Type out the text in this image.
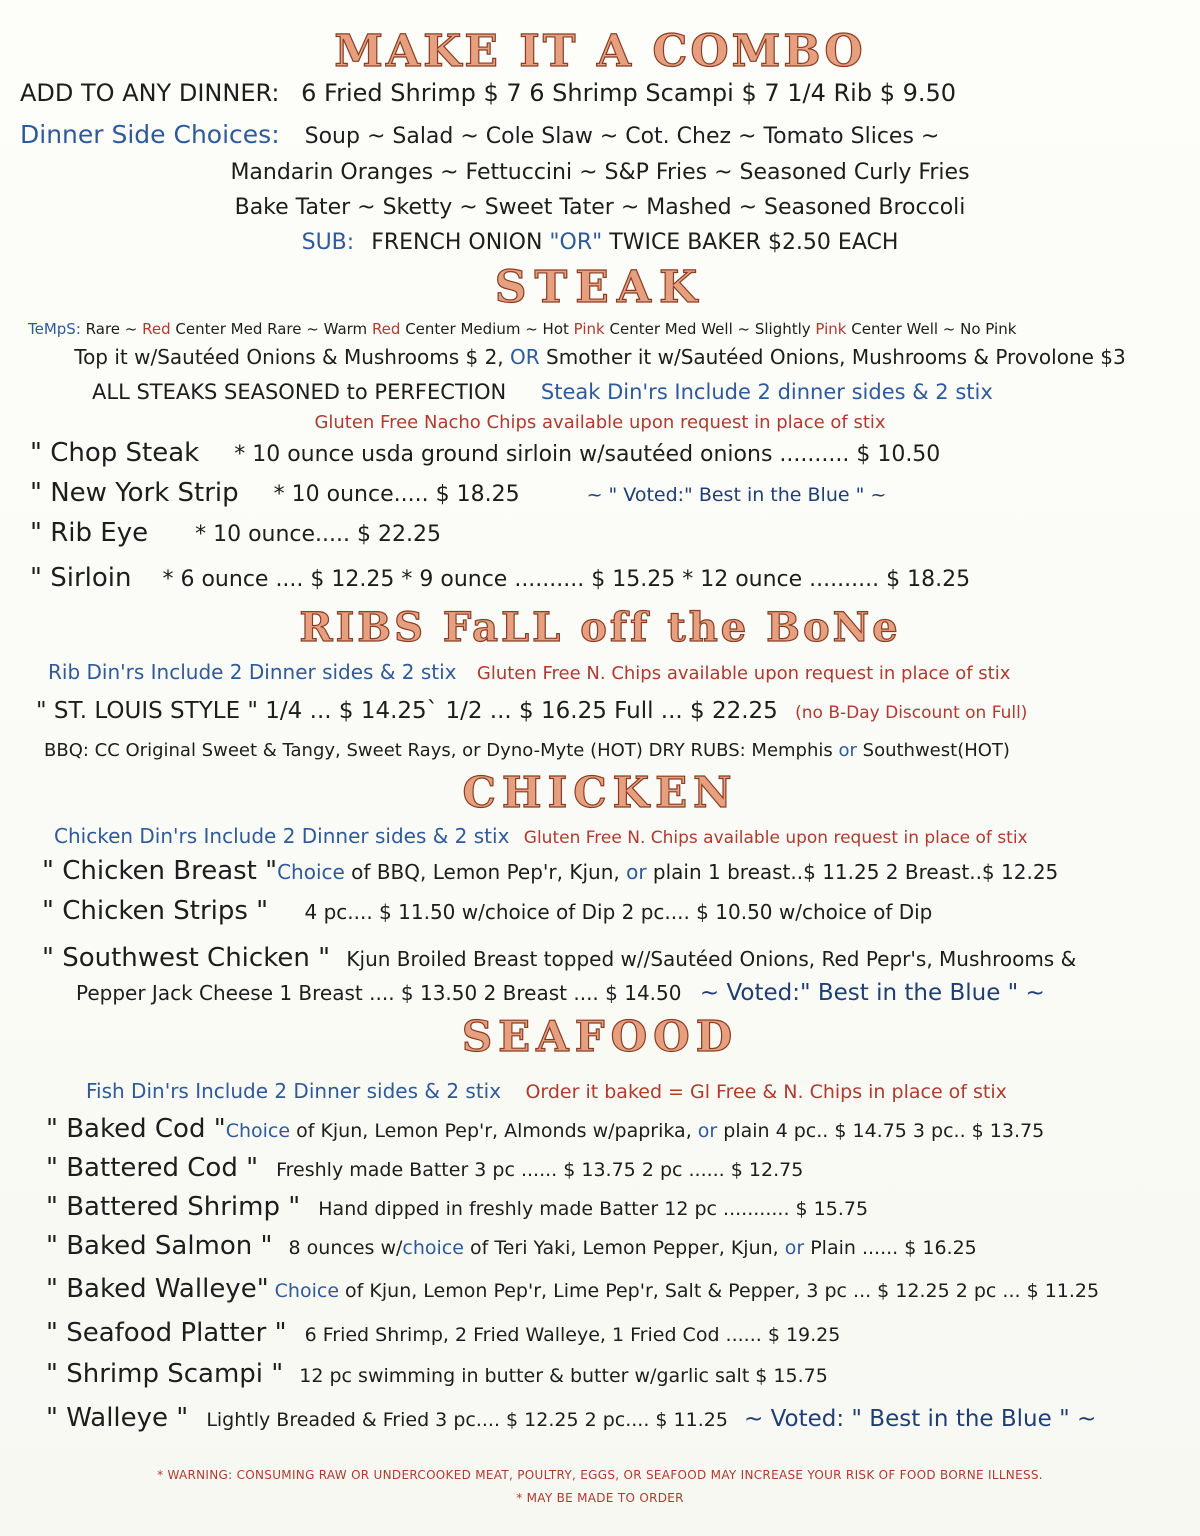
MAKE IT A COMBO
ADD TO ANY DINNER: 6 Fried Shrimp $ 7 6 Shrimp Scampi $ 7 1/4 Rib $ 9.50
Dinner Side Choices: Soup ~ Salad ~ Cole Slaw ~ Cot. Chez ~ Tomato Slices ~
Mandarin Oranges ~ Fettuccini ~ S&P Fries ~ Seasoned Curly Fries
Bake Tater ~ Sketty ~ Sweet Tater ~ Mashed ~ Seasoned Broccoli
SUB: FRENCH ONION "OR" TWICE BAKER $2.50 EACH
STEAK
TeMpS: Rare ~ Red Center Med Rare ~ Warm Red Center Medium ~ Hot Pink Center Med Well ~ Slightly Pink Center Well ~ No Pink
Top it w/Sautéed Onions & Mushrooms $ 2, OR Smother it w/Sautéed Onions, Mushrooms & Provolone $3
ALL STEAKS SEASONED to PERFECTION Steak Din'rs Include 2 dinner sides & 2 stix
Gluten Free Nacho Chips available upon request in place of stix
" Chop Steak * 10 ounce usda ground sirloin w/sautéed onions .......... $ 10.50
" New York Strip * 10 ounce..... $ 18.25	~ " Voted:" Best in the Blue " ~
" Rib Eye * 10 ounce..... $ 22.25
" Sirloin * 6 ounce .... $ 12.25 * 9 ounce .......... $ 15.25 * 12 ounce .......... $ 18.25
RIBS FaLL off the BoNe
Rib Din'rs Include 2 Dinner sides & 2 stix Gluten Free N. Chips available upon request in place of stix
" ST. LOUIS STYLE " 1/4 ... $ 14.25` 1/2 ... $ 16.25 Full ... $ 22.25 (no B-Day Discount on Full)
BBQ: CC Original Sweet & Tangy, Sweet Rays, or Dyno-Myte (HOT) DRY RUBS: Memphis or Southwest(HOT)
CHICKEN
Chicken Din'rs Include 2 Dinner sides & 2 stix Gluten Free N. Chips available upon request in place of stix
" Chicken Breast "Choice of BBQ, Lemon Pep'r, Kjun, or plain 1 breast..$ 11.25 2 Breast..$ 12.25
" Chicken Strips " 4 pc.... $ 11.50 w/choice of Dip 2 pc.... $ 10.50 w/choice of Dip
" Southwest Chicken " Kjun Broiled Breast topped w//Sautéed Onions, Red Pepr's, Mushrooms &
Pepper Jack Cheese 1 Breast .... $ 13.50 2 Breast .... $ 14.50 ~ Voted:" Best in the Blue " ~
SEAFOOD
Fish Din'rs Include 2 Dinner sides & 2 stix Order it baked = Gl Free & N. Chips in place of stix
" Baked Cod "Choice of Kjun, Lemon Pep'r, Almonds w/paprika, or plain 4 pc.. $ 14.75 3 pc.. $ 13.75
" Battered Cod " Freshly made Batter 3 pc ...... $ 13.75 2 pc ...... $ 12.75
" Battered Shrimp " Hand dipped in freshly made Batter 12 pc ........... $ 15.75
" Baked Salmon " 8 ounces w/choice of Teri Yaki, Lemon Pepper, Kjun, or Plain ...... $ 16.25
" Baked Walleye" Choice of Kjun, Lemon Pep'r, Lime Pep'r, Salt & Pepper, 3 pc ... $ 12.25 2 pc ... $ 11.25
" Seafood Platter " 6 Fried Shrimp, 2 Fried Walleye, 1 Fried Cod ...... $ 19.25
" Shrimp Scampi " 12 pc swimming in butter & butter w/garlic salt $ 15.75
" Walleye " Lightly Breaded & Fried 3 pc.... $ 12.25 2 pc.... $ 11.25 ~ Voted: " Best in the Blue " ~
* WARNING: CONSUMING RAW OR UNDERCOOKED MEAT, POULTRY, EGGS, OR SEAFOOD MAY INCREASE YOUR RISK OF FOOD BORNE ILLNESS.
* MAY BE MADE TO ORDER
